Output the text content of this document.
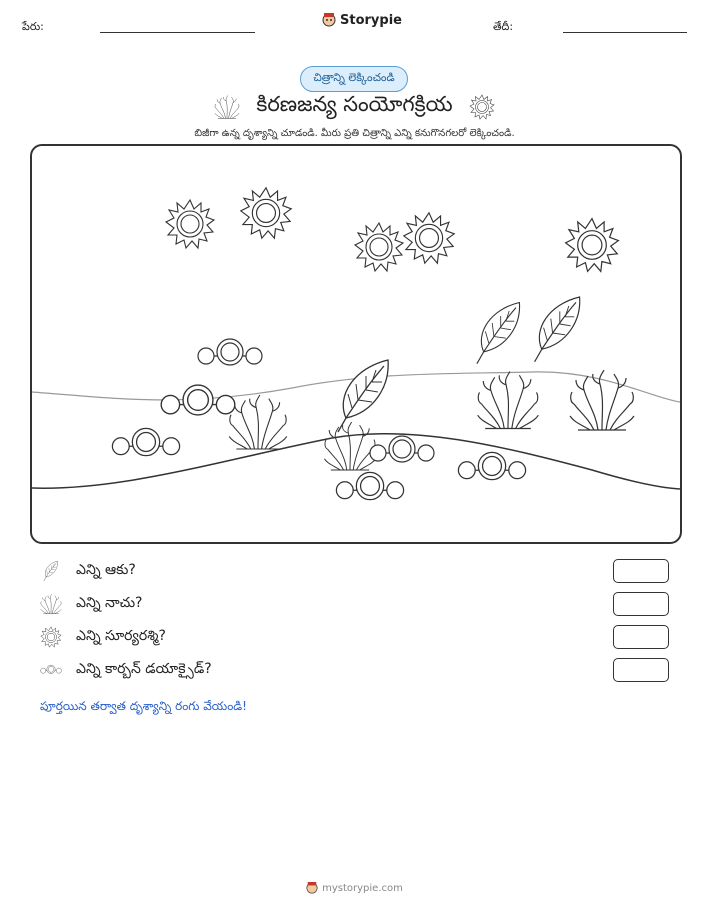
పేరు:	Storypie	తేదీ:
చిత్రాన్ని లెక్కించండి
కిరణజన్య సంయోగక్రియ
బిజీగా ఉన్న దృశ్యాన్ని చూడండి. మీరు ప్రతి చిత్రాన్ని ఎన్ని కనుగొనగలరో లెక్కించండి.
ఎన్ని ఆకు?
ఎన్ని నాచు?
ఎన్ని సూర్యరశ్మి?
ఎన్ని కార్బన్ డయాక్సైడ్?
పూర్తయిన తర్వాత దృశ్యాన్ని రంగు వేయండి!
mystorypie.com
